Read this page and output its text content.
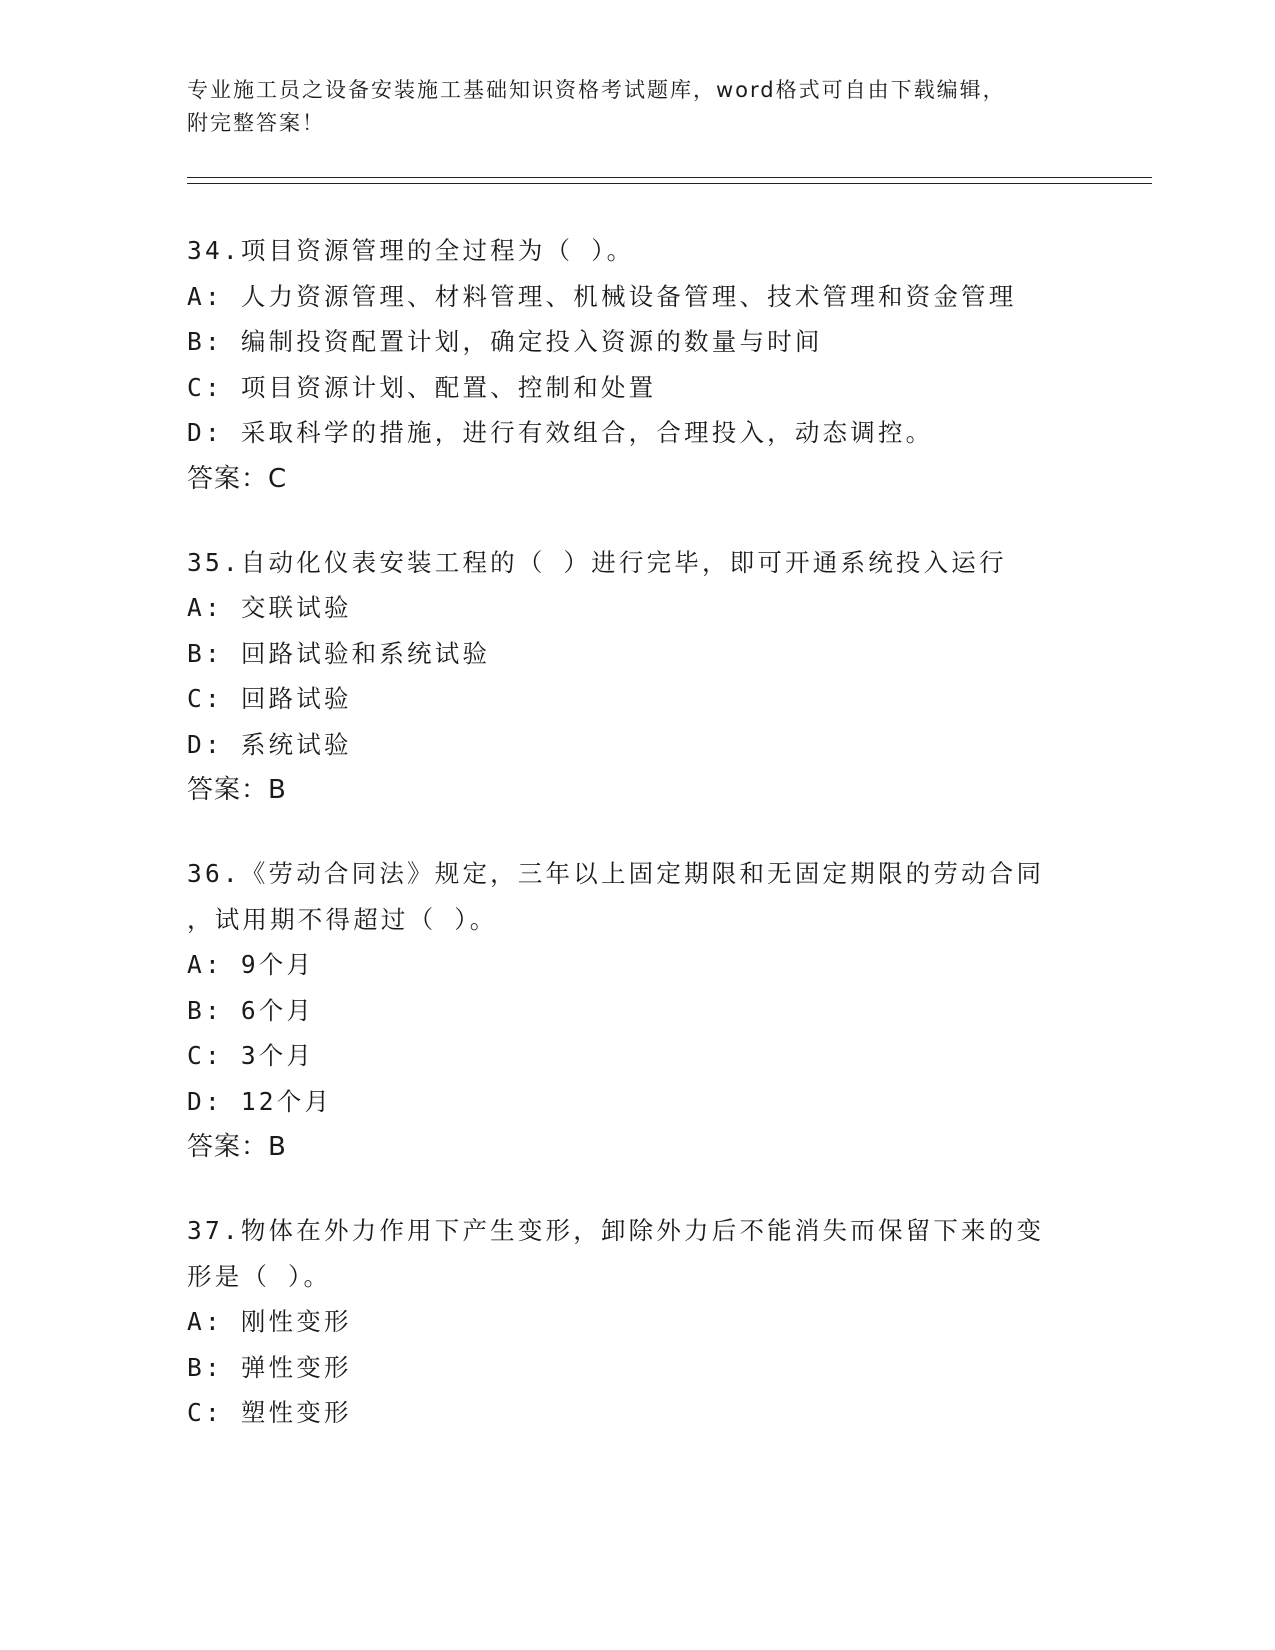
专业施工员之设备安装施工基础知识资格考试题库，word格式可自由下载编辑，
附完整答案！
34.项目资源管理的全过程为（ ）。
A: 人力资源管理、材料管理、机械设备管理、技术管理和资金管理
B: 编制投资配置计划，确定投入资源的数量与时间
C: 项目资源计划、配置、控制和处置
D: 采取科学的措施，进行有效组合，合理投入，动态调控。
答案：C
35.自动化仪表安装工程的（ ）进行完毕，即可开通系统投入运行
A: 交联试验
B: 回路试验和系统试验
C: 回路试验
D: 系统试验
答案：B
36.《劳动合同法》规定，三年以上固定期限和无固定期限的劳动合同
，试用期不得超过（ ）。
A: 9个月
B: 6个月
C: 3个月
D: 12个月
答案：B
37.物体在外力作用下产生变形，卸除外力后不能消失而保留下来的变
形是（ ）。
A: 刚性变形
B: 弹性变形
C: 塑性变形
